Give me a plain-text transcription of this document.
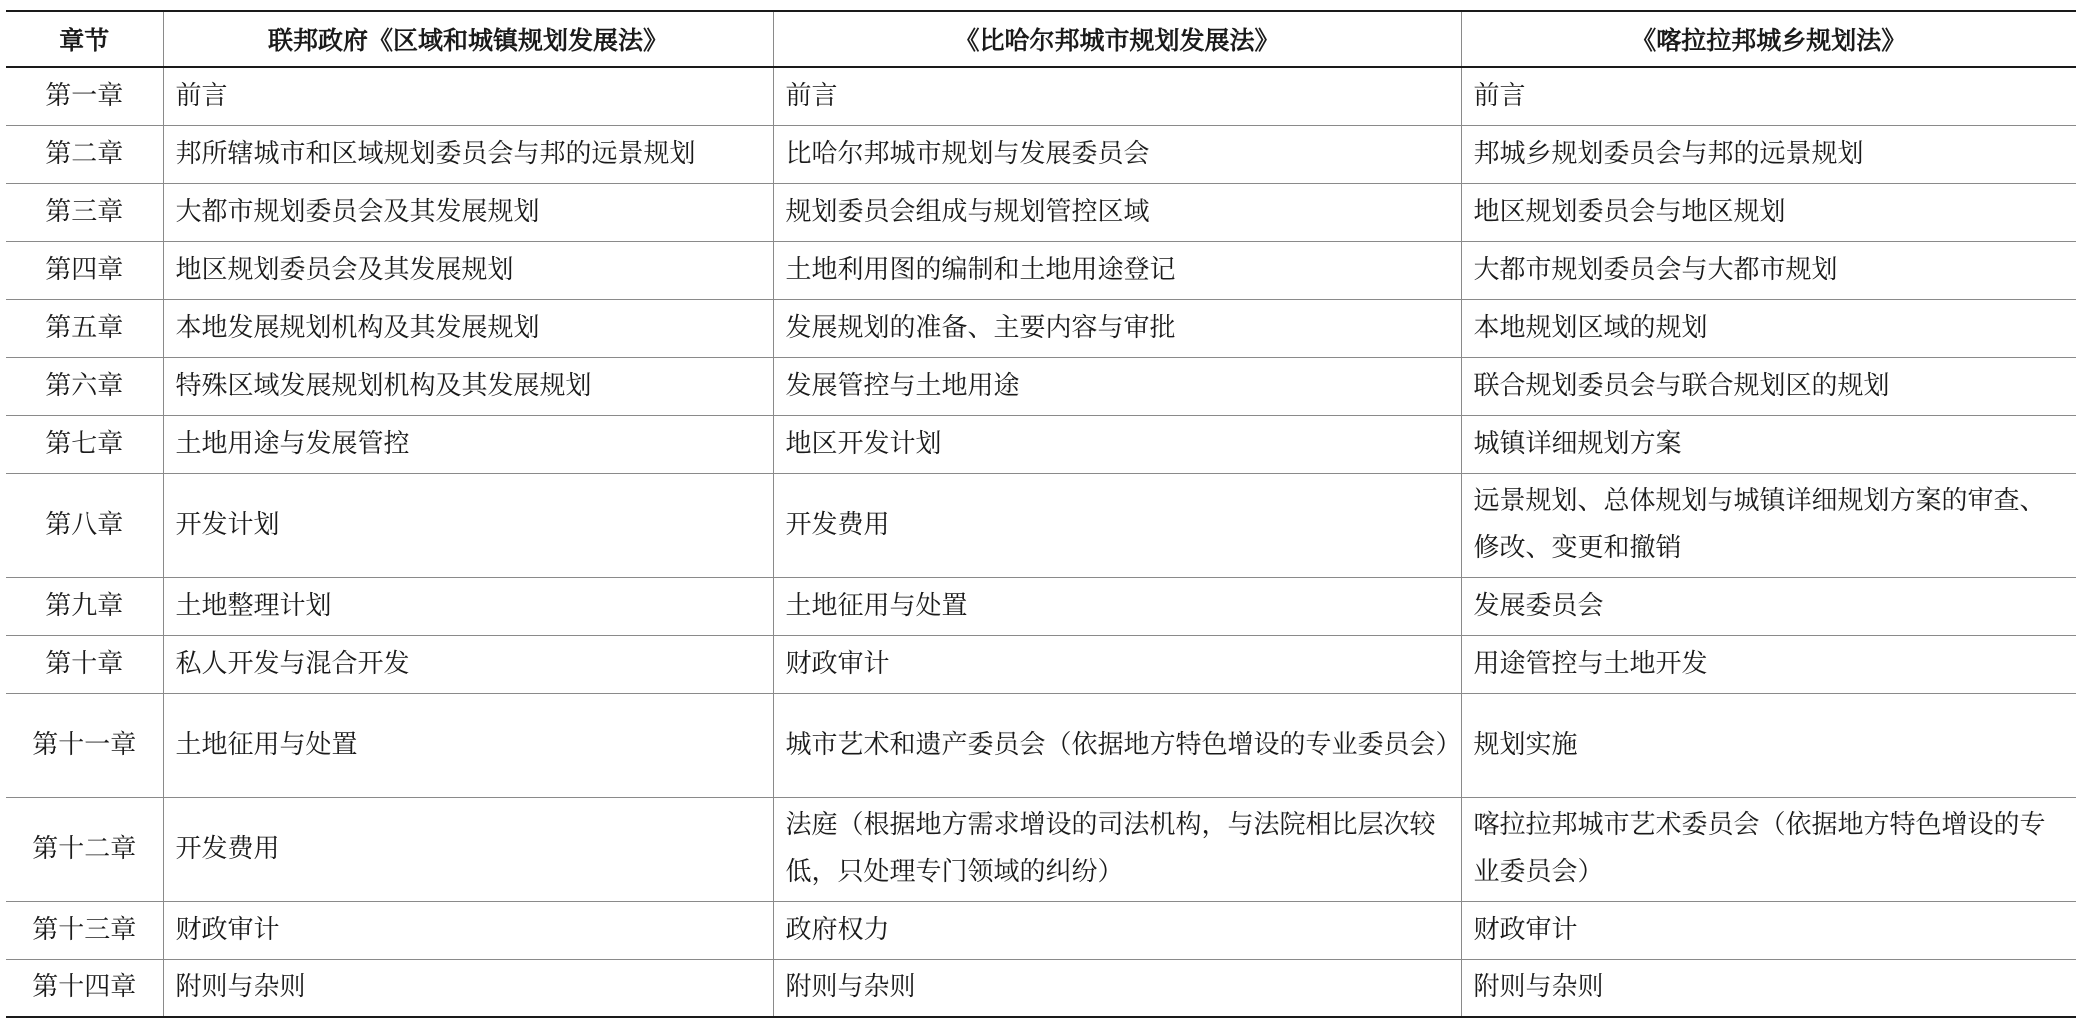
章节	联邦政府《区域和城镇规划发展法》	《比哈尔邦城市规划发展法》	《喀拉拉邦城乡规划法》
第一章	前言	前言	前言
第二章	邦所辖城市和区域规划委员会与邦的远景规划	比哈尔邦城市规划与发展委员会	邦城乡规划委员会与邦的远景规划
第三章	大都市规划委员会及其发展规划	规划委员会组成与规划管控区域	地区规划委员会与地区规划
第四章	地区规划委员会及其发展规划	土地利用图的编制和土地用途登记	大都市规划委员会与大都市规划
第五章	本地发展规划机构及其发展规划	发展规划的准备、主要内容与审批	本地规划区域的规划
第六章	特殊区域发展规划机构及其发展规划	发展管控与土地用途	联合规划委员会与联合规划区的规划
第七章	土地用途与发展管控	地区开发计划	城镇详细规划方案
第八章	开发计划	开发费用	远景规划、总体规划与城镇详细规划方案的审查、修改、变更和撤销
第九章	土地整理计划	土地征用与处置	发展委员会
第十章	私人开发与混合开发	财政审计	用途管控与土地开发
第十一章	土地征用与处置	城市艺术和遗产委员会（依据地方特色增设的专业委员会）	规划实施
第十二章	开发费用	法庭（根据地方需求增设的司法机构，与法院相比层次较低，只处理专门领域的纠纷）	喀拉拉邦城市艺术委员会（依据地方特色增设的专业委员会）
第十三章	财政审计	政府权力	财政审计
第十四章	附则与杂则	附则与杂则	附则与杂则
